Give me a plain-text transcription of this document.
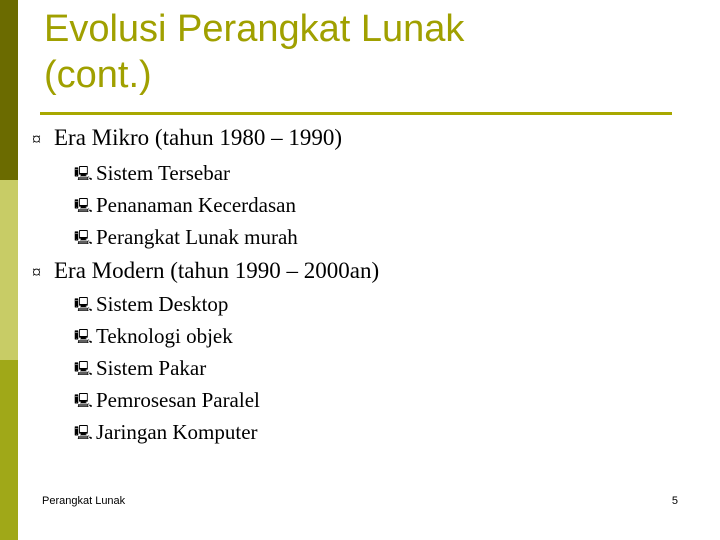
Evolusi Perangkat Lunak
(cont.)
¤ Era Mikro (tahun 1980 – 1990)
🖳 Sistem Tersebar
🖳 Penanaman Kecerdasan
🖳 Perangkat Lunak murah
¤ Era Modern (tahun 1990 – 2000an)
🖳 Sistem Desktop
🖳 Teknologi objek
🖳 Sistem Pakar
🖳 Pemrosesan Paralel
🖳 Jaringan Komputer
Perangkat Lunak	5
